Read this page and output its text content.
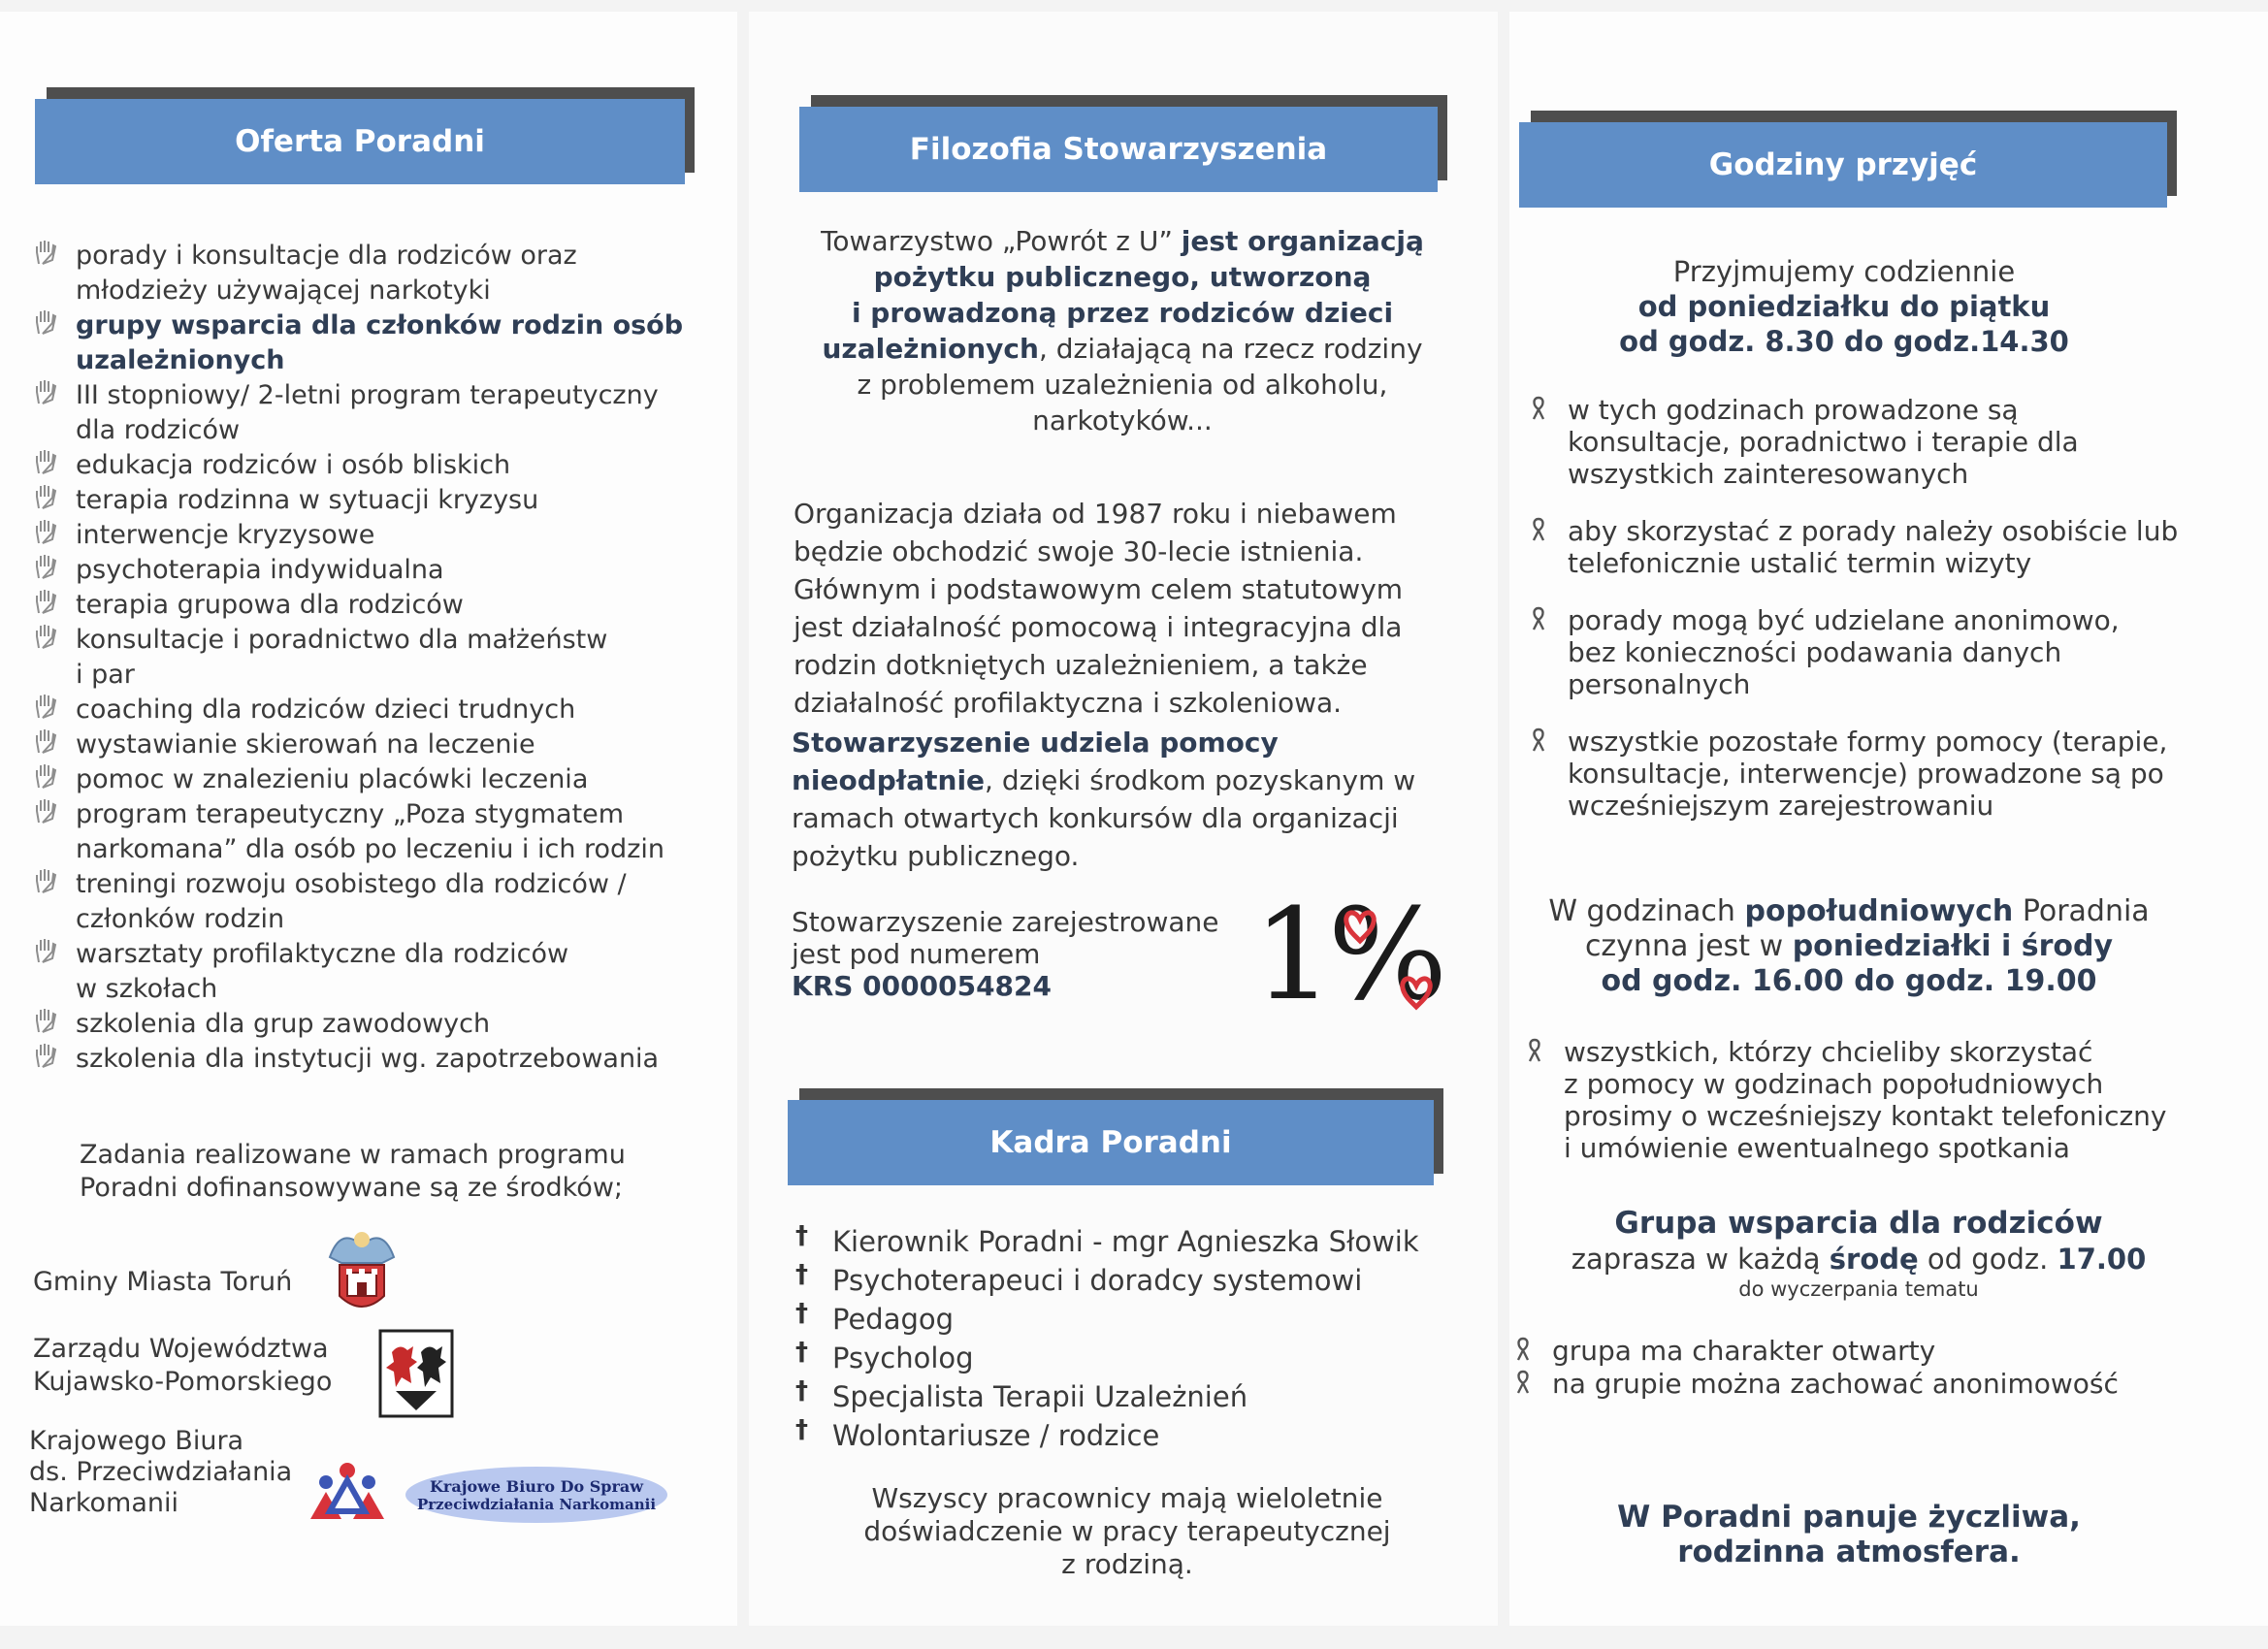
Oferta Poradni
porady i konsultacje dla rodziców oraz
młodzieży używającej narkotyki
grupy wsparcia dla członków rodzin osób
uzależnionych
III stopniowy/ 2-letni program terapeutyczny
dla rodziców
edukacja rodziców i osób bliskich
terapia rodzinna w sytuacji kryzysu
interwencje kryzysowe
psychoterapia indywidualna
terapia grupowa dla rodziców
konsultacje i poradnictwo dla małżeństw
i par
coaching dla rodziców dzieci trudnych
wystawianie skierowań na leczenie
pomoc w znalezieniu placówki leczenia
program terapeutyczny „Poza stygmatem
narkomana” dla osób po leczeniu i ich rodzin
treningi rozwoju osobistego dla rodziców /
członków rodzin
warsztaty profilaktyczne dla rodziców
w szkołach
szkolenia dla grup zawodowych
szkolenia dla instytucji wg. zapotrzebowania
Zadania realizowane w ramach programu
Poradni dofinansowywane są ze środków;
Gminy Miasta Toruń
Zarządu Województwa
Kujawsko-Pomorskiego
Krajowego Biura
ds. Przeciwdziałania
Narkomanii
Krajowe Biuro Do Spraw
Przeciwdziałania Narkomanii
Filozofia Stowarzyszenia
Towarzystwo „Powrót z U” jest organizacją
pożytku publicznego, utworzoną
i prowadzoną przez rodziców dzieci
uzależnionych, działającą na rzecz rodziny
z problemem uzależnienia od alkoholu,
narkotyków...
Organizacja działa od 1987 roku i niebawem
będzie obchodzić swoje 30-lecie istnienia.
Głównym i podstawowym celem statutowym
jest działalność pomocową i integracyjna dla
rodzin dotkniętych uzależnieniem, a także
działalność profilaktyczna i szkoleniowa.
Stowarzyszenie udziela pomocy
nieodpłatnie, dzięki środkom pozyskanym w
ramach otwartych konkursów dla organizacji
pożytku publicznego.
Stowarzyszenie zarejestrowane
jest pod numerem
KRS 0000054824	1%
Kadra Poradni
† Kierownik Poradni - mgr Agnieszka Słowik
† Psychoterapeuci i doradcy systemowi
† Pedagog
† Psycholog
† Specjalista Terapii Uzależnień
† Wolontariusze / rodzice
Wszyscy pracownicy mają wieloletnie
doświadczenie w pracy terapeutycznej
z rodziną.
Godziny przyjęć
Przyjmujemy codziennie
od poniedziałku do piątku
od godz. 8.30 do godz.14.30
w tych godzinach prowadzone są
konsultacje, poradnictwo i terapie dla
wszystkich zainteresowanych
aby skorzystać z porady należy osobiście lub
telefonicznie ustalić termin wizyty
porady mogą być udzielane anonimowo,
bez konieczności podawania danych
personalnych
wszystkie pozostałe formy pomocy (terapie,
konsultacje, interwencje) prowadzone są po
wcześniejszym zarejestrowaniu
W godzinach popołudniowych Poradnia
czynna jest w poniedziałki i środy
od godz. 16.00 do godz. 19.00
wszystkich, którzy chcieliby skorzystać
z pomocy w godzinach popołudniowych
prosimy o wcześniejszy kontakt telefoniczny
i umówienie ewentualnego spotkania
Grupa wsparcia dla rodziców
zaprasza w każdą środę od godz. 17.00
do wyczerpania tematu
grupa ma charakter otwarty
na grupie można zachować anonimowość
W Poradni panuje życzliwa,
rodzinna atmosfera.
